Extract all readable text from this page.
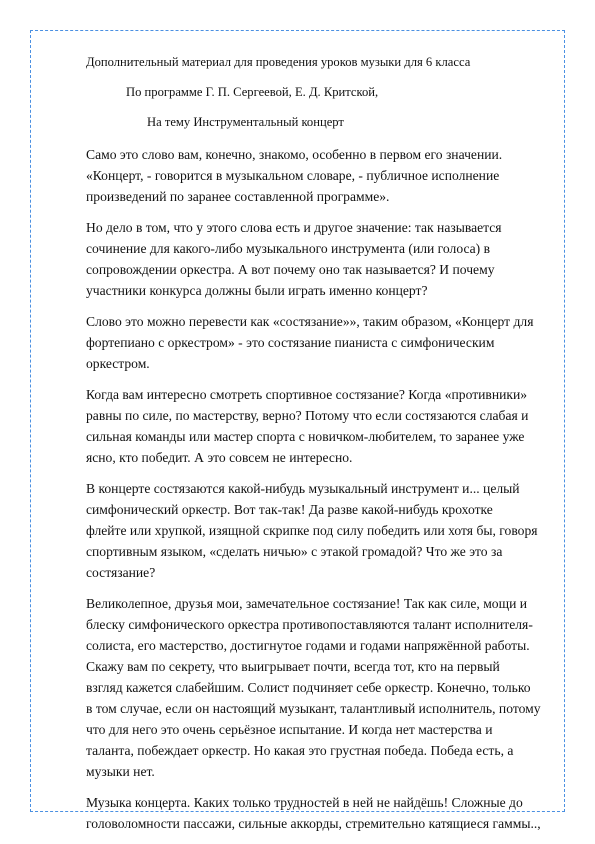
Дополнительный материал для проведения уроков музыки для 6 класса

По программе Г. П. Сергеевой, Е. Д. Критской,

На тему Инструментальный концерт

Само это слово вам, конечно, знакомо, особенно в первом его значении.
«Концерт, - говорится в музыкальном словаре, - публичное исполнение
произведений по заранее составленной программе».

Но дело в том, что у этого слова есть и другое значение: так называется
сочинение для какого-либо музыкального инструмента (или голоса) в
сопровождении оркестра. А вот почему оно так называется? И почему
участники конкурса должны были играть именно концерт?

Слово это можно перевести как «состязание»», таким образом, «Концерт для
фортепиано с оркестром» - это состязание пианиста с симфоническим
оркестром.

Когда вам интересно смотреть спортивное состязание? Когда «противники»
равны по силе, по мастерству, верно? Потому что если состязаются слабая и
сильная команды или мастер спорта с новичком-любителем, то заранее уже
ясно, кто победит. А это совсем не интересно.

В концерте состязаются какой-нибудь музыкальный инструмент и... целый
симфонический оркестр. Вот так-так! Да разве какой-нибудь крохотке
флейте или хрупкой, изящной скрипке под силу победить или хотя бы, говоря
спортивным языком, «сделать ничью» с этакой громадой? Что же это за
состязание?

Великолепное, друзья мои, замечательное состязание! Так как силе, мощи и
блеску симфонического оркестра противопоставляются талант исполнителя-
солиста, его мастерство, достигнутое годами и годами напряжённой работы.
Скажу вам по секрету, что выигрывает почти, всегда тот, кто на первый
взгляд кажется слабейшим. Солист подчиняет себе оркестр. Конечно, только
в том случае, если он настоящий музыкант, талантливый исполнитель, потому
что для него это очень серьёзное испытание. И когда нет мастерства и
таланта, побеждает оркестр. Но какая это грустная победа. Победа есть, а
музыки нет.

Музыка концерта. Каких только трудностей в ней не найдёшь! Сложные до
головоломности пассажи, сильные аккорды, стремительно катящиеся гаммы..,
